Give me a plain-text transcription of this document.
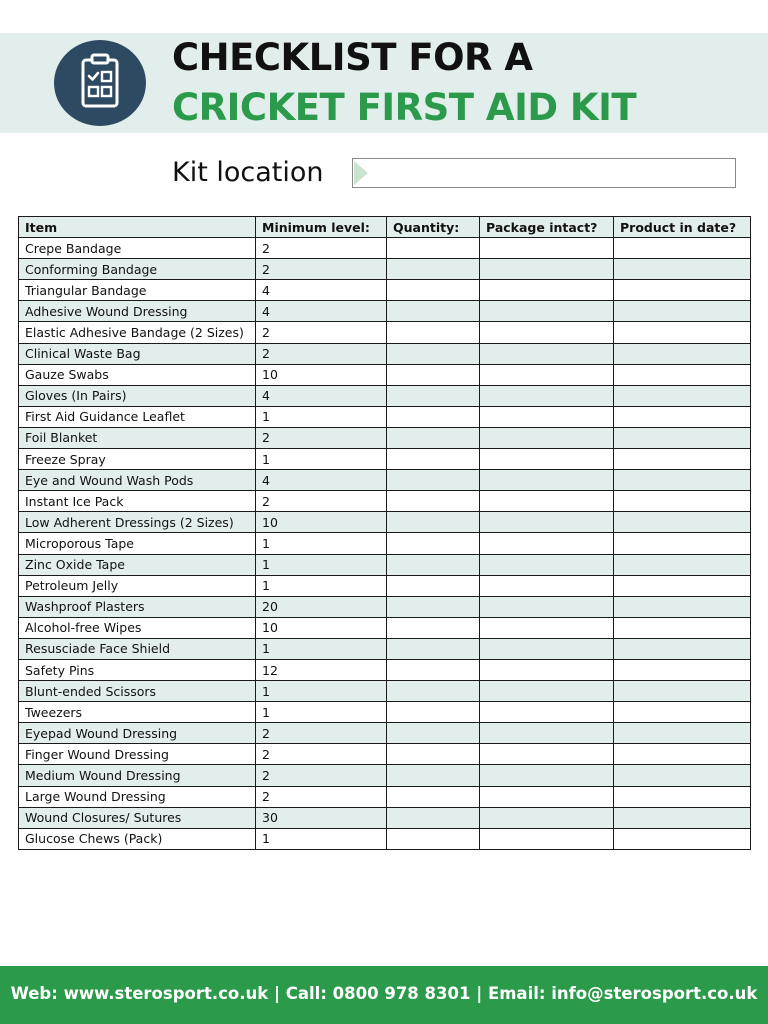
CHECKLIST FOR A
CRICKET FIRST AID KIT
Kit location
Item	Minimum level:	Quantity:	Package intact?	Product in date?
Crepe Bandage	2			
Conforming Bandage	2			
Triangular Bandage	4			
Adhesive Wound Dressing	4			
Elastic Adhesive Bandage (2 Sizes)	2			
Clinical Waste Bag	2			
Gauze Swabs	10			
Gloves (In Pairs)	4			
First Aid Guidance Leaflet	1			
Foil Blanket	2			
Freeze Spray	1			
Eye and Wound Wash Pods	4			
Instant Ice Pack	2			
Low Adherent Dressings (2 Sizes)	10			
Microporous Tape	1			
Zinc Oxide Tape	1			
Petroleum Jelly	1			
Washproof Plasters	20			
Alcohol-free Wipes	10			
Resusciade Face Shield	1			
Safety Pins	12			
Blunt-ended Scissors	1			
Tweezers	1			
Eyepad Wound Dressing	2			
Finger Wound Dressing	2			
Medium Wound Dressing	2			
Large Wound Dressing	2			
Wound Closures/ Sutures	30			
Glucose Chews (Pack)	1			
Web: www.sterosport.co.uk | Call: 0800 978 8301 | Email: info@sterosport.co.uk
